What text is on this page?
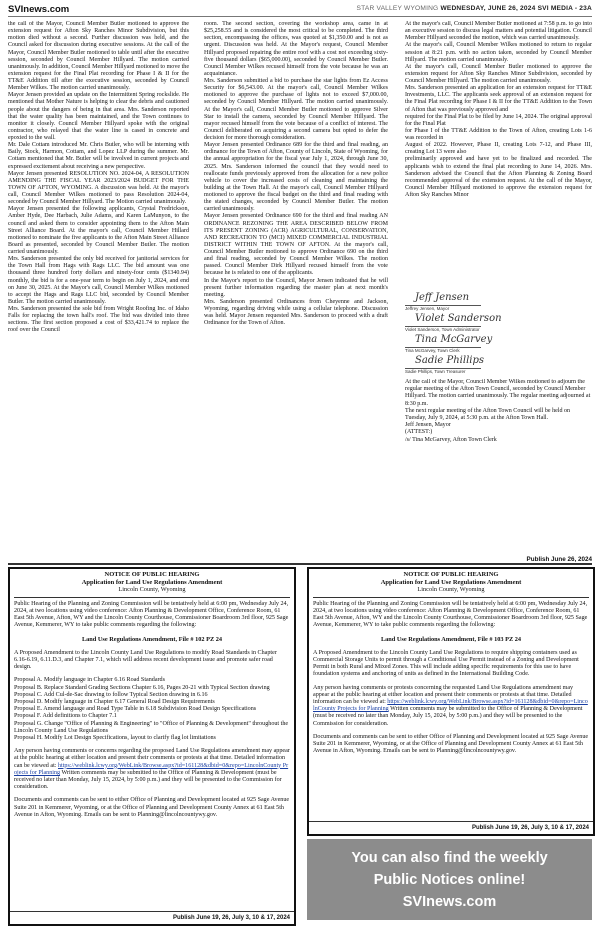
SVInews.com	STAR VALLEY WYOMING WEDNESDAY, JUNE 26, 2024 SVI MEDIA - 23A

the call of the Mayor, Council Member Butler motioned to approve the extension request for Afton Sky Ranches Minor Subdivision, but this motion died without a second. Further discussion was held, and the Council asked for discussion during executive sessions. At the call of the Mayor, Council Member Butler motioned to table until after the executive session, seconded by Council Member Hillyard. The motion carried unanimously. In addition, Council Member Hillyard motioned to move the extension request for the Final Plat recording for Phase I & II for the TT&E Addition till after the executive session, seconded by Council Member Wilkes. The motion carried unanimously.

Mayor Jensen provided an update on the Intermittent Spring rockslide. He mentioned that Mother Nature is helping to clear the debris and cautioned people about the dangers of being in that area. Mrs. Sanderson reported that the water quality has been maintained, and the Town continues to monitor it closely. Council Member Hillyard spoke with the original contractor, who relayed that the water line is cased in concrete and epoxied to the wall.

Mr. Dale Cottam introduced Mr. Chris Butler, who will be interning with Baily, Stock, Harmon, Cottam, and Lopez LLP during the summer. Mr. Cottam mentioned that Mr. Butler will be involved in current projects and expressed excitement about receiving a new perspective.

Mayor Jensen presented RESOLUTION NO. 2024-04, A RESOLUTION AMENDING THE FISCAL YEAR 2023/2024 BUDGET FOR THE TOWN OF AFTON, WYOMING. A discussion was held. At the mayor's call, Council Member Wilkes motioned to pass Resolution 2024-04, seconded by Council Member Hillyard. The Motion carried unanimously.

Mayor Jensen presented the following applicants, Crystal Fredrickson, Amber Hyde, Dee Harbach, Julie Adams, and Karen LaMunyon, to the council and asked them to consider appointing them to the Afton Main Street Alliance Board. At the mayor's call, Council Member Hillard motioned to nominate the five applicants to the Afton Main Street Alliance Board as presented, seconded by Council Member Butler. The motion carried unanimously.

Mrs. Sanderson presented the only bid received for janitorial services for the Town Hall from Hags with Rags LLC. The bid amount was one thousand three hundred forty dollars and ninety-four cents ($1340.94) monthly, the bid is for a one-year term to begin on July 1, 2024, and end on June 30, 2025. At the Mayor's call, Council Member Wilkes motioned to accept the Hags and Rags LLC bid, seconded by Council Member Butler. The motion carried unanimously.

Mrs. Sanderson presented the sole bid from Wright Roofing Inc. of Idaho Falls for replacing the town hall's roof. The bid was divided into three sections. The first section proposed a cost of $33,421.74 to replace the roof over the Council

room. The second section, covering the workshop area, came in at $25,258.55 and is considered the most critical to be completed. The third section, encompassing the offices, was quoted at $1,350.00 and is not as urgent. Discussion was held. At the Mayor's request, Council Member Hillyard proposed repairing the entire roof with a cost not exceeding sixty-five thousand dollars ($65,000.00), seconded by Council Member Butler. Council Member Wilkes recused himself from the vote because he was an acquaintance.

Mrs. Sanderson submitted a bid to purchase the star lights from Ez Access Security for $6,543.00. At the mayor's call, Council Member Wilkes motioned to approve the purchase of lights not to exceed $7,000.00, seconded by Council Member Hillyard. The motion carried unanimously. At the Mayor's call, Council Member Butler motioned to approve Silver Star to install the camera, seconded by Council Member Hillyard. The mayor recused himself from the vote because of a conflict of interest. The Council deliberated on acquiring a second camera but opted to defer the decision for more thorough consideration.

Mayor Jensen presented Ordinance 689 for the third and final reading, an ordinance for the Town of Afton, County of Lincoln, State of Wyoming, for the annual appropriation for the fiscal year July 1, 2024, through June 30, 2025. Mrs. Sanderson informed the council that they would need to reallocate funds previously approved from the allocation for a new police vehicle to cover the increased costs of cleaning and maintaining the building at the Town Hall. At the mayor's call, Council Member Hillyard motioned to approve the fiscal budget on the third and final reading with the stated changes, seconded by Council Member Butler. The motion carried unanimously.

Mayor Jensen presented Ordinance 690 for the third and final reading AN ORDINANCE REZONING THE AREA DESCRIBED BELOW FROM ITS PRESENT ZONING (ACR) AGRICULTURAL, CONSERVATION, AND RECREATION TO (MCI) MIXED COMMERCIAL INDUSTRIAL DISTRICT WITHIN THE TOWN OF AFTON. At the mayor's call, Council Member Butler motioned to approve Ordinance 690 on the third and final reading, seconded by Council Member Wilkes. The motion passed. Council Member Dirk Hillyard recused himself from the vote because he is related to one of the applicants.

In the Mayor's report to the Council, Mayor Jensen indicated that he will present further information regarding the master plan at next month's meeting.

Mrs. Sanderson presented Ordinances from Cheyenne and Jackson, Wyoming, regarding driving while using a cellular telephone. Discussion was held. Mayor Jensen requested Mrs. Sanderson to proceed with a draft Ordinance for the Town of Afton.

At the mayor's call, Council Member Butler motioned at 7:58 p.m. to go into an executive session to discuss legal matters and potential litigation. Council Member Hillyard seconded the motion, which was carried unanimously.

At the mayor's call, Council Member Wilkes motioned to return to regular session at 8:21 p.m. with no action taken, seconded by Council Member Hillyard. The motion carried unanimously.

At the mayor's call, Council Member Butler motioned to approve the extension request for Afton Sky Ranches Minor Subdivision, seconded by Council Member Hillyard. The motion carried unanimously.

Mrs. Sanderson presented an application for an extension request for TT&E Investments, LLC. The applicants seek approval of an extension request for the Final Plat recording for Phase I & II for the TT&E Addition to the Town of Afton that was previously approved and

required for the Final Plat to be filed by June 14, 2024. The original approval for the Final Plat

for Phase I of the TT&E Addition to the Town of Afton, creating Lots 1-6 was recorded in

August of 2022. However, Phase II, creating Lots 7-12, and Phase III, creating Lot 13 were also

preliminarily approved and have yet to be finalized and recorded. The applicants wish to extend the final plat recording to June 14, 2026. Mrs. Sanderson advised the Council that the Afton Planning & Zoning Board recommended approval of the extension request. At the call of the Mayor, Council Member Hillyard motioned to approve the extension request for Afton Sky Ranches Minor

Jeff Jensen
Jeffrey Jensen, Mayor
Violet Sanderson
Violet Sanderson, Town Administrator
Tina McGarvey
Tina McGarvey, Town Clerk
Sadie Phillips
Sadie Phillips, Town Treasurer

At the call of the Mayor, Council Member Wilkes motioned to adjourn the regular meeting of the Afton Town Council, seconded by Council Member Hillyard. The motion carried unanimously. The regular meeting adjourned at 8:30 p.m.

The next regular meeting of the Afton Town Council will be held on Tuesday, July 9, 2024, at 5:30 p.m. at the Afton Town Hall.

Jeff Jensen, Mayor

(ATTEST:)

/s/ Tina McGarvey, Afton Town Clerk

Publish June 26, 2024
NOTICE OF PUBLIC HEARING
Application for Land Use Regulations Amendment
Lincoln County, Wyoming

Public Hearing of the Planning and Zoning Commission will be tentatively held at 6:00 pm, Wednesday July 24, 2024, at two locations using video conference: Afton Planning & Development Office, Conference Room, 61 East 5th Avenue, Afton, WY and the Lincoln County Courthouse, Commissioner Boardroom 3rd floor, 925 Sage Avenue, Kemmerer, WY to take public comments regarding the following:

Land Use Regulations Amendment, File # 102 PZ 24

A Proposed Amendment to the Lincoln County Land Use Regulations to modify Road Standards in Chapter 6.16-6.19, 6.11.D.3, and Chapter 7.1, which will address recent development issue and promote safer road design.

Proposal A. Modify language in Chapter 6.16 Road Standards
Proposal B. Replace Standard Grading Sections Chapter 6.16, Pages 20-21 with Typical Section drawing
Proposal C. Add Cul-de-Sac drawing to follow Typical Section drawing in 6.16
Proposal D. Modify language in Chapter 6.17 General Road Design Requirements
Proposal E. Amend language and Road Type Table in 6.18 Subdivision Road Design Specifications
Proposal F. Add definitions to Chapter 7.1
Proposal G. Change "Office of Planning & Engineering" to "Office of Planning & Development" throughout the Lincoln County Land Use Regulations
Proposal H. Modify Lot Design Specifications, layout to clarify flag lot limitations

Any person having comments or concerns regarding the proposed Land Use Regulations amendment may appear at the public hearing at either location and present their comments or protests at that time. Detailed information can be viewed at: https://weblink.lcwy.org/WebLink/Browse.aspx?id=161128&dbid=0&repo=LincolnCounty Projects for Planning Written comments may be submitted to the Office of Planning & Development (must be received no later than Monday, July 15, 2024, by 5:00 p.m.) and they will be presented to the Commission for consideration.

Documents and comments can be sent to either Office of Planning and Development located at 925 Sage Avenue Suite 201 in Kemmerer, Wyoming, or at the Office of Planning and Development County Annex at 61 East 5th Avenue in Afton, Wyoming. Emails can be sent to Planning@lincolncountywy.gov.

Publish June 19, 26, July 3, 10 & 17, 2024
NOTICE OF PUBLIC HEARING
Application for Land Use Regulations Amendment
Lincoln County, Wyoming

Public Hearing of the Planning and Zoning Commission will be tentatively held at 6:00 pm, Wednesday July 24, 2024, at two locations using video conference: Afton Planning & Development Office, Conference Room, 61 East 5th Avenue, Afton, WY and the Lincoln County Courthouse, Commissioner Boardroom 3rd floor, 925 Sage Avenue, Kemmerer, WY to take public comments regarding the following:

Land Use Regulations Amendment, File # 103 PZ 24

A Proposed Amendment to the Lincoln County Land Use Regulations to require shipping containers used as Commercial Storage Units to permit through a Conditional Use Permit instead of a Zoning and Development Permit in both Rural and Mixed Zones. This will include adding specific requirements for this use to have foundation systems and anchoring of units as defined in the International Building Code.

Any person having comments or protests concerning the requested Land Use Regulations amendment may appear at the public hearing at either location and present their comments or protests at that time. Detailed information can be viewed at: https://weblink.lcwy.org/WebLink/Browse.aspx?id=161128&dbid=0&repo=LincolnCounty Projects for Planning Written comments may be submitted to the Office of Planning & Development (must be received no later than Monday, July 15, 2024, by 5:00 p.m.) and they will be presented to the Commission for consideration.

Documents and comments can be sent to either Office of Planning and Development located at 925 Sage Avenue Suite 201 in Kemmerer, Wyoming, or at the Office of Planning and Development County Annex at 61 East 5th Avenue in Afton, Wyoming. Emails can be sent to Planning@lincolncountywy.gov.

Publish June 19, 26, July 3, 10 & 17, 2024
You can also find the weekly
Public Notices online!
SVInews.com
